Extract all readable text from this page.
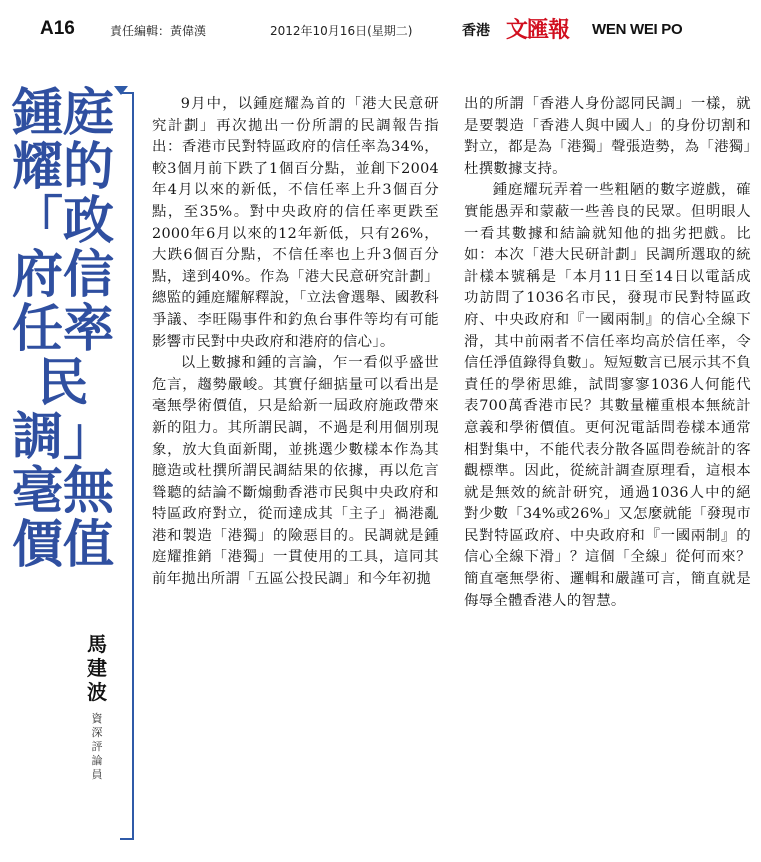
A16	責任編輯：黃偉漢	2012年10月16日(星期二)	香港 文匯報 WEN WEI PO
鍾庭耀的「政府信任率民調」
毫無價值
馬建波
資深評論員

9月中，以鍾庭耀為首的「港大民意研究計劃」再次拋出一份所謂的民調報告指出：香港市民對特區政府的信任率為34%，較3個月前下跌了1個百分點，並創下2004年4月以來的新低，不信任率上升3個百分點，至35%。對中央政府的信任率更跌至2000年6月以來的12年新低，只有26%，大跌6個百分點，不信任率也上升3個百分點，達到40%。作為「港大民意研究計劃」總監的鍾庭耀解釋說，「立法會選舉、國教科爭議、李旺陽事件和釣魚台事件等均有可能影響市民對中央政府和港府的信心」。

以上數據和鍾的言論，乍一看似乎盛世危言，趨勢嚴峻。其實仔細掂量可以看出是毫無學術價值，只是給新一屆政府施政帶來新的阻力。其所謂民調，不過是利用個別現象，放大負面新聞，並挑選少數樣本作為其臆造或杜撰所謂民調結果的依據，再以危言聳聽的結論不斷煽動香港市民與中央政府和特區政府對立，從而達成其「主子」禍港亂港和製造「港獨」的險惡目的。民調就是鍾庭耀推銷「港獨」一貫使用的工具，這同其前年拋出所謂「五區公投民調」和今年初拋

出的所謂「香港人身份認同民調」一樣，就是要製造「香港人與中國人」的身份切割和對立，都是為「港獨」聲張造勢，為「港獨」杜撰數據支持。

鍾庭耀玩弄着一些粗陋的數字遊戲，確實能愚弄和蒙蔽一些善良的民眾。但明眼人一看其數據和結論就知他的拙劣把戲。比如：本次「港大民研計劃」民調所選取的統計樣本號稱是「本月11日至14日以電話成功訪問了1036名市民，發現市民對特區政府、中央政府和『一國兩制』的信心全線下滑，其中前兩者不信任率均高於信任率，令信任淨值錄得負數」。短短數言已展示其不負責任的學術思維，試問寥寥1036人何能代表700萬香港市民？其數量權重根本無統計意義和學術價值。更何況電話問卷樣本通常相對集中，不能代表分散各區問卷統計的客觀標準。因此，從統計調查原理看，這根本就是無效的統計研究，通過1036人中的絕對少數「34%或26%」又怎麼就能「發現市民對特區政府、中央政府和『一國兩制』的信心全線下滑」？這個「全線」從何而來？簡直毫無學術、邏輯和嚴謹可言，簡直就是侮辱全體香港人的智慧。
